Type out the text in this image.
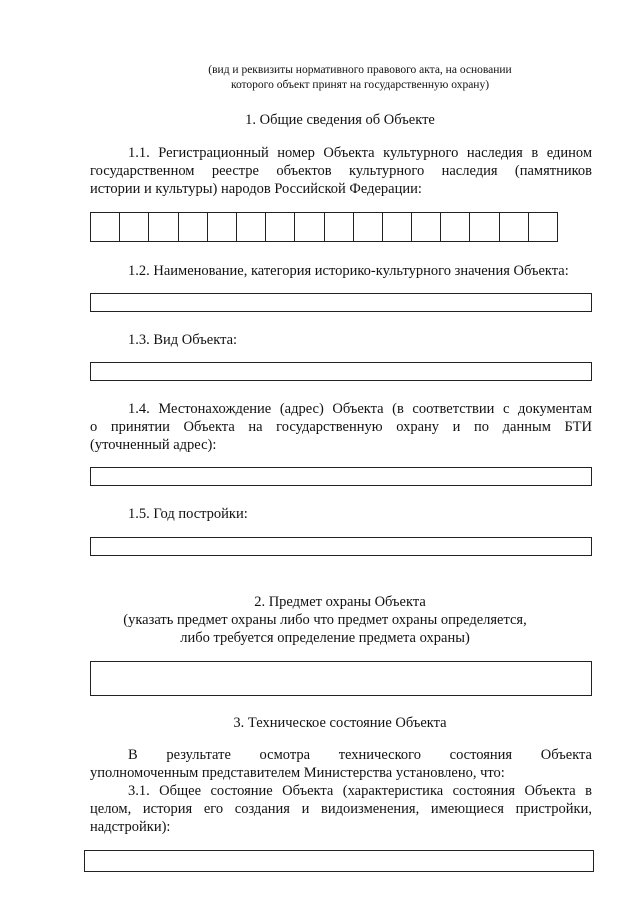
(вид и реквизиты нормативного правового акта, на основании
которого объект принят на государственную охрану)
1. Общие сведения об Объекте
1.1. Регистрационный номер Объекта культурного наследия в едином
государственном реестре объектов культурного наследия (памятников
истории и культуры) народов Российской Федерации:
1.2. Наименование, категория историко-культурного значения Объекта:
1.3. Вид Объекта:
1.4. Местонахождение (адрес) Объекта (в соответствии с документам
о принятии Объекта на государственную охрану и по данным БТИ
(уточненный адрес):
1.5. Год постройки:
2. Предмет охраны Объекта
(указать предмет охраны либо что предмет охраны определяется,
либо требуется определение предмета охраны)
3. Техническое состояние Объекта
В результате осмотра технического состояния Объекта
уполномоченным представителем Министерства установлено, что:
3.1. Общее состояние Объекта (характеристика состояния Объекта в
целом, история его создания и видоизменения, имеющиеся пристройки,
надстройки):
